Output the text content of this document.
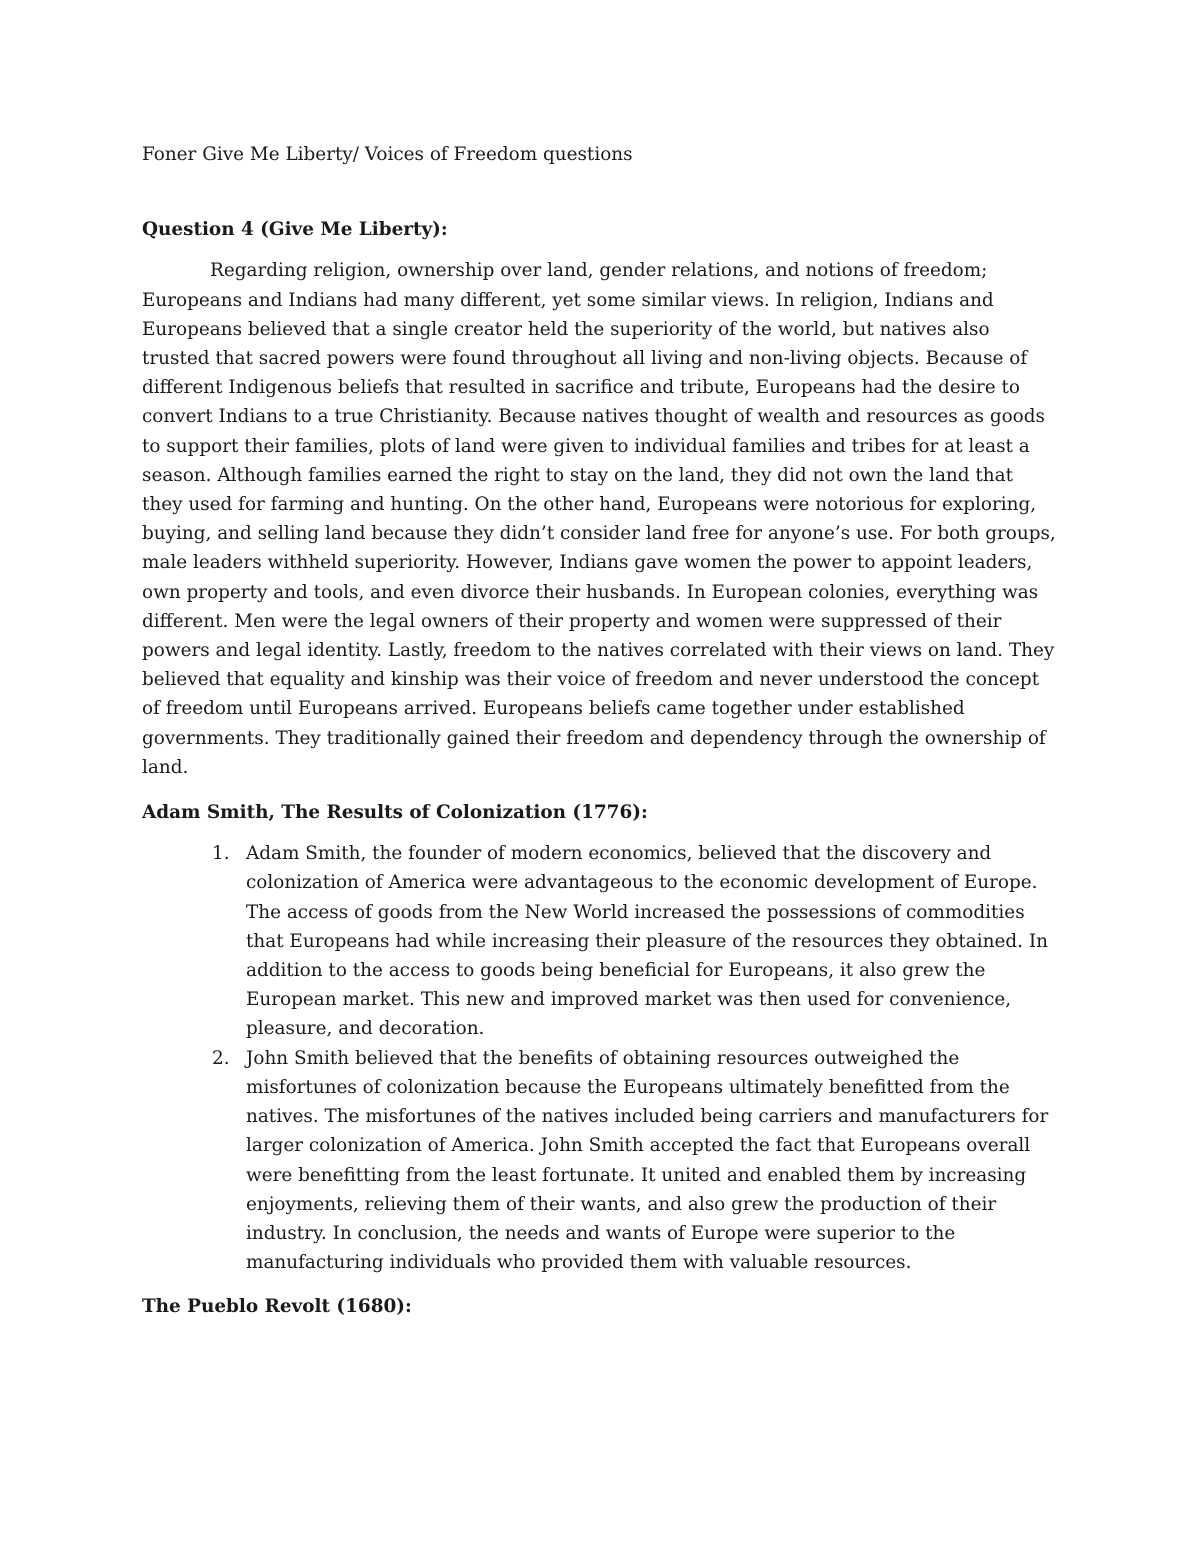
Foner Give Me Liberty/ Voices of Freedom questions

Question 4 (Give Me Liberty):

Regarding religion, ownership over land, gender relations, and notions of freedom; Europeans and Indians had many different, yet some similar views. In religion, Indians and Europeans believed that a single creator held the superiority of the world, but natives also trusted that sacred powers were found throughout all living and non-living objects. Because of different Indigenous beliefs that resulted in sacrifice and tribute, Europeans had the desire to convert Indians to a true Christianity. Because natives thought of wealth and resources as goods to support their families, plots of land were given to individual families and tribes for at least a season. Although families earned the right to stay on the land, they did not own the land that they used for farming and hunting. On the other hand, Europeans were notorious for exploring, buying, and selling land because they didn’t consider land free for anyone’s use. For both groups, male leaders withheld superiority. However, Indians gave women the power to appoint leaders, own property and tools, and even divorce their husbands. In European colonies, everything was different. Men were the legal owners of their property and women were suppressed of their powers and legal identity. Lastly, freedom to the natives correlated with their views on land. They believed that equality and kinship was their voice of freedom and never understood the concept of freedom until Europeans arrived. Europeans beliefs came together under established governments. They traditionally gained their freedom and dependency through the ownership of land.

Adam Smith, The Results of Colonization (1776):
1. Adam Smith, the founder of modern economics, believed that the discovery and colonization of America were advantageous to the economic development of Europe. The access of goods from the New World increased the possessions of commodities that Europeans had while increasing their pleasure of the resources they obtained. In addition to the access to goods being beneficial for Europeans, it also grew the European market. This new and improved market was then used for convenience, pleasure, and decoration.
2. John Smith believed that the benefits of obtaining resources outweighed the misfortunes of colonization because the Europeans ultimately benefitted from the natives. The misfortunes of the natives included being carriers and manufacturers for larger colonization of America. John Smith accepted the fact that Europeans overall were benefitting from the least fortunate. It united and enabled them by increasing enjoyments, relieving them of their wants, and also grew the production of their industry. In conclusion, the needs and wants of Europe were superior to the manufacturing individuals who provided them with valuable resources.
The Pueblo Revolt (1680):
